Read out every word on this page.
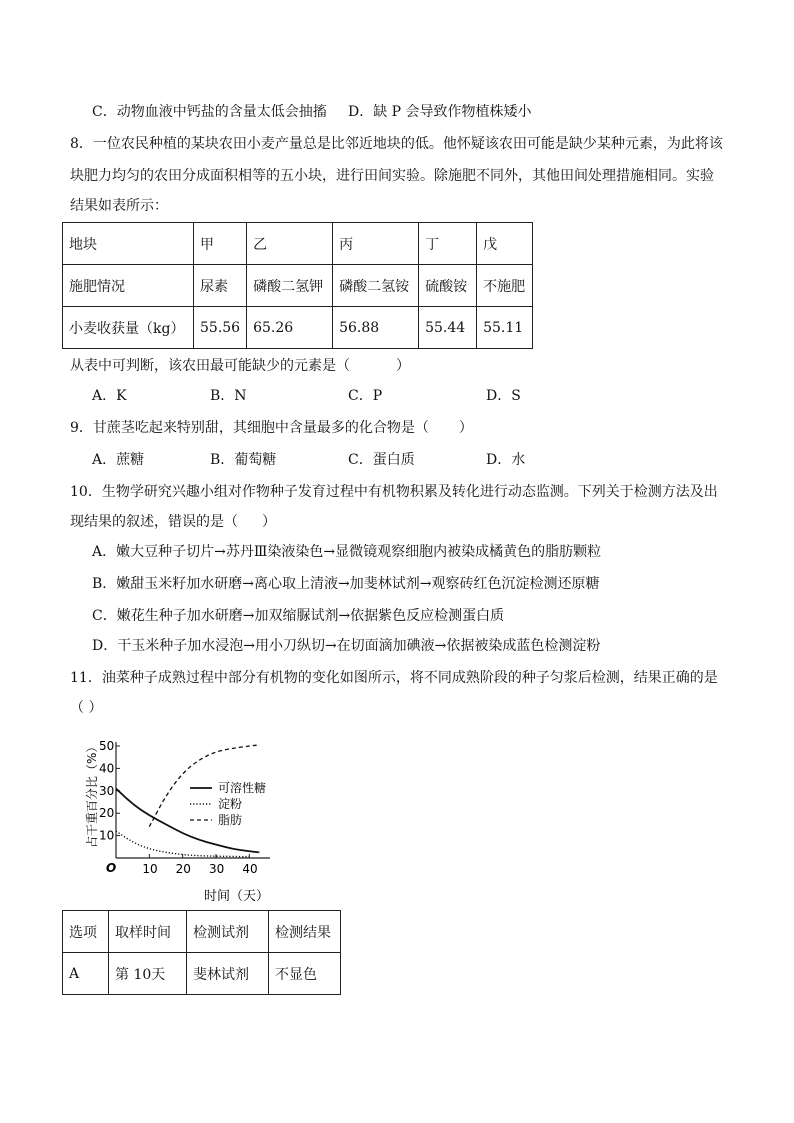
C．动物血液中钙盐的含量太低会抽搐 D．缺 P 会导致作物植株矮小
8．一位农民种植的某块农田小麦产量总是比邻近地块的低。他怀疑该农田可能是缺少某种元素，为此将该
块肥力均匀的农田分成面积相等的五小块，进行田间实验。除施肥不同外，其他田间处理措施相同。实验
结果如表所示：
地块	甲	乙	丙	丁	戊
施肥情况	尿素	磷酸二氢钾	磷酸二氢铵	硫酸铵	不施肥
小麦收获量（kg）	55.56	65.26	56.88	55.44	55.11
从表中可判断，该农田最可能缺少的元素是（	）
A．K	B．N	C．P	D．S
9．甘蔗茎吃起来特别甜，其细胞中含量最多的化合物是（ ）
A．蔗糖	B．葡萄糖	C．蛋白质	D．水
10．生物学研究兴趣小组对作物种子发育过程中有机物积累及转化进行动态监测。下列关于检测方法及出
现结果的叙述，错误的是（ ）
A．嫩大豆种子切片→苏丹Ⅲ染液染色→显微镜观察细胞内被染成橘黄色的脂肪颗粒
B．嫩甜玉米籽加水研磨→离心取上清液→加斐林试剂→观察砖红色沉淀检测还原糖
C．嫩花生种子加水研磨→加双缩脲试剂→依据紫色反应检测蛋白质
D．干玉米种子加水浸泡→用小刀纵切→在切面滴加碘液→依据被染成蓝色检测淀粉
11．油菜种子成熟过程中部分有机物的变化如图所示，将不同成熟阶段的种子匀浆后检测，结果正确的是
（ ）
10 20 30 40
10
20
30
40
50
可溶性糖
淀粉
脂肪
占干重百分比（%）
时间（天）
O
选项	取样时间	检测试剂	检测结果
A	第 10天	斐林试剂	不显色
